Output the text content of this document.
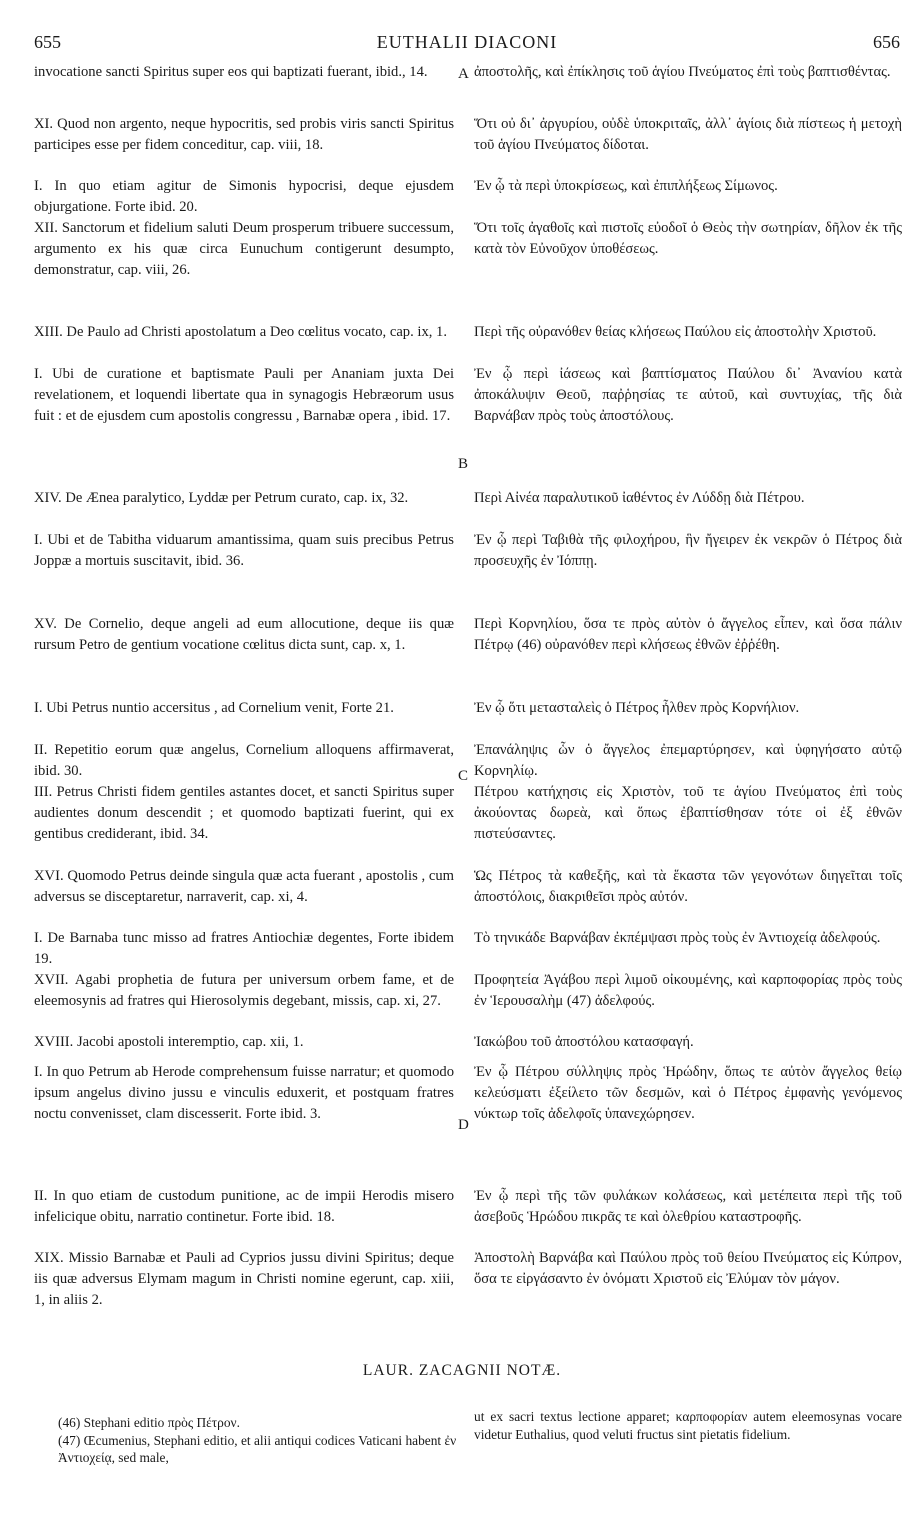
655	EUTHALII DIACONI	656

invocatione sancti Spiritus super eos qui baptizati fuerant, ibid., 14.

XI. Quod non argento, neque hypocritis, sed probis viris sancti Spiritus participes esse per fidem conceditur, cap. viii, 18.

I. In quo etiam agitur de Simonis hypocrisi, deque ejusdem objurgatione. Forte ibid. 20.

XII. Sanctorum et fidelium saluti Deum prosperum tribuere successum, argumento ex his quæ circa Eunuchum contigerunt desumpto, demonstratur, cap. viii, 26.

XIII. De Paulo ad Christi apostolatum a Deo cœlitus vocato, cap. ix, 1.

I. Ubi de curatione et baptismate Pauli per Ananiam juxta Dei revelationem, et loquendi libertate qua in synagogis Hebræorum usus fuit : et de ejusdem cum apostolis congressu , Barnabæ opera , ibid. 17.

XIV. De Ænea paralytico, Lyddæ per Petrum curato, cap. ix, 32.

I. Ubi et de Tabitha viduarum amantissima, quam suis precibus Petrus Joppæ a mortuis suscitavit, ibid. 36.

XV. De Cornelio, deque angeli ad eum allocutione, deque iis quæ rursum Petro de gentium vocatione cœlitus dicta sunt, cap. x, 1.

I. Ubi Petrus nuntio accersitus , ad Cornelium venit, Forte 21.

II. Repetitio eorum quæ angelus, Cornelium alloquens affirmaverat, ibid. 30.

III. Petrus Christi fidem gentiles astantes docet, et sancti Spiritus super audientes donum descendit ; et quomodo baptizati fuerint, qui ex gentibus crediderant, ibid. 34.

XVI. Quomodo Petrus deinde singula quæ acta fuerant , apostolis , cum adversus se disceptaretur, narraverit, cap. xi, 4.

I. De Barnaba tunc misso ad fratres Antiochiæ degentes, Forte ibidem 19.

XVII. Agabi prophetia de futura per universum orbem fame, et de eleemosynis ad fratres qui Hierosolymis degebant, missis, cap. xi, 27.

XVIII. Jacobi apostoli interemptio, cap. xii, 1.

I. In quo Petrum ab Herode comprehensum fuisse narratur; et quomodo ipsum angelus divino jussu e vinculis eduxerit, et postquam fratres noctu convenisset, clam discesserit. Forte ibid. 3.

II. In quo etiam de custodum punitione, ac de impii Herodis misero infelicique obitu, narratio continetur. Forte ibid. 18.

XIX. Missio Barnabæ et Pauli ad Cyprios jussu divini Spiritus; deque iis quæ adversus Elymam magum in Christi nomine egerunt, cap. xiii, 1, in aliis 2.

ἀποστολῆς, καὶ ἐπίκλησις τοῦ ἁγίου Πνεύματος ἐπὶ τοὺς βαπτισθέντας.

Ὅτι οὐ δι᾽ ἀργυρίου, οὐδὲ ὑποκριταῖς, ἀλλ᾽ ἁγίοις διὰ πίστεως ἡ μετοχὴ τοῦ ἁγίου Πνεύματος δίδοται.

Ἐν ᾧ τὰ περὶ ὑποκρίσεως, καὶ ἐπιπλήξεως Σίμωνος.

Ὅτι τοῖς ἀγαθοῖς καὶ πιστοῖς εὐοδοῖ ὁ Θεὸς τὴν σωτηρίαν, δῆλον ἐκ τῆς κατὰ τὸν Εὐνοῦχον ὑποθέσεως.

Περὶ τῆς οὐρανόθεν θείας κλήσεως Παύλου εἰς ἀποστολὴν Χριστοῦ.

Ἐν ᾧ περὶ ἰάσεως καὶ βαπτίσματος Παύλου δι᾽ Ἀνανίου κατὰ ἀποκάλυψιν Θεοῦ, παῤῥησίας τε αὐτοῦ, καὶ συντυχίας, τῆς διὰ Βαρνάβαν πρὸς τοὺς ἀποστόλους.

Περὶ Αἰνέα παραλυτικοῦ ἰαθέντος ἐν Λύδδῃ διὰ Πέτρου.

Ἐν ᾧ περὶ Ταβιθὰ τῆς φιλοχήρου, ἣν ἤγειρεν ἐκ νεκρῶν ὁ Πέτρος διὰ προσευχῆς ἐν Ἰόππῃ.

Περὶ Κορνηλίου, ὅσα τε πρὸς αὐτὸν ὁ ἄγγελος εἶπεν, καὶ ὅσα πάλιν Πέτρῳ (46) οὐρανόθεν περὶ κλήσεως ἐθνῶν ἐῤῥέθη.

Ἐν ᾧ ὅτι μετασταλεὶς ὁ Πέτρος ἦλθεν πρὸς Κορνήλιον.

Ἐπανάληψις ὧν ὁ ἄγγελος ἐπεμαρτύρησεν, καὶ ὑφηγήσατο αὐτῷ Κορνηλίῳ.

Πέτρου κατήχησις εἰς Χριστὸν, τοῦ τε ἁγίου Πνεύματος ἐπὶ τοὺς ἀκούοντας δωρεὰ, καὶ ὅπως ἐβαπτίσθησαν τότε οἱ ἐξ ἐθνῶν πιστεύσαντες.

Ὡς Πέτρος τὰ καθεξῆς, καὶ τὰ ἕκαστα τῶν γεγονότων διηγεῖται τοῖς ἀποστόλοις, διακριθεῖσι πρὸς αὐτόν.

Τὸ τηνικάδε Βαρνάβαν ἐκπέμψασι πρὸς τοὺς ἐν Ἀντιοχείᾳ ἀδελφούς.

Προφητεία Ἀγάβου περὶ λιμοῦ οἰκουμένης, καὶ καρποφορίας πρὸς τοὺς ἐν Ἱερουσαλὴμ (47) ἀδελφούς.

Ἰακώβου τοῦ ἀποστόλου κατασφαγή.

Ἐν ᾧ Πέτρου σύλληψις πρὸς Ἡρώδην, ὅπως τε αὐτὸν ἄγγελος θείῳ κελεύσματι ἐξείλετο τῶν δεσμῶν, καὶ ὁ Πέτρος ἐμφανὴς γενόμενος νύκτωρ τοῖς ἀδελφοῖς ὑπανεχώρησεν.

Ἐν ᾧ περὶ τῆς τῶν φυλάκων κολάσεως, καὶ μετέπειτα περὶ τῆς τοῦ ἀσεβοῦς Ἡρώδου πικρᾶς τε καὶ ὀλεθρίου καταστροφῆς.

Ἀποστολὴ Βαρνάβα καὶ Παύλου πρὸς τοῦ θείου Πνεύματος εἰς Κύπρον, ὅσα τε εἰργάσαντο ἐν ὀνόματι Χριστοῦ εἰς Ἐλύμαν τὸν μάγον.

A
B
C
D
LAUR. ZACAGNII NOTÆ.

(46) Stephani editio πρὸς Πέτρον.

(47) Œcumenius, Stephani editio, et alii antiqui codices Vaticani habent ἐν Ἀντιοχείᾳ, sed male,

ut ex sacri textus lectione apparet; καρποφορίαν autem eleemosynas vocare videtur Euthalius, quod veluti fructus sint pietatis fidelium.
